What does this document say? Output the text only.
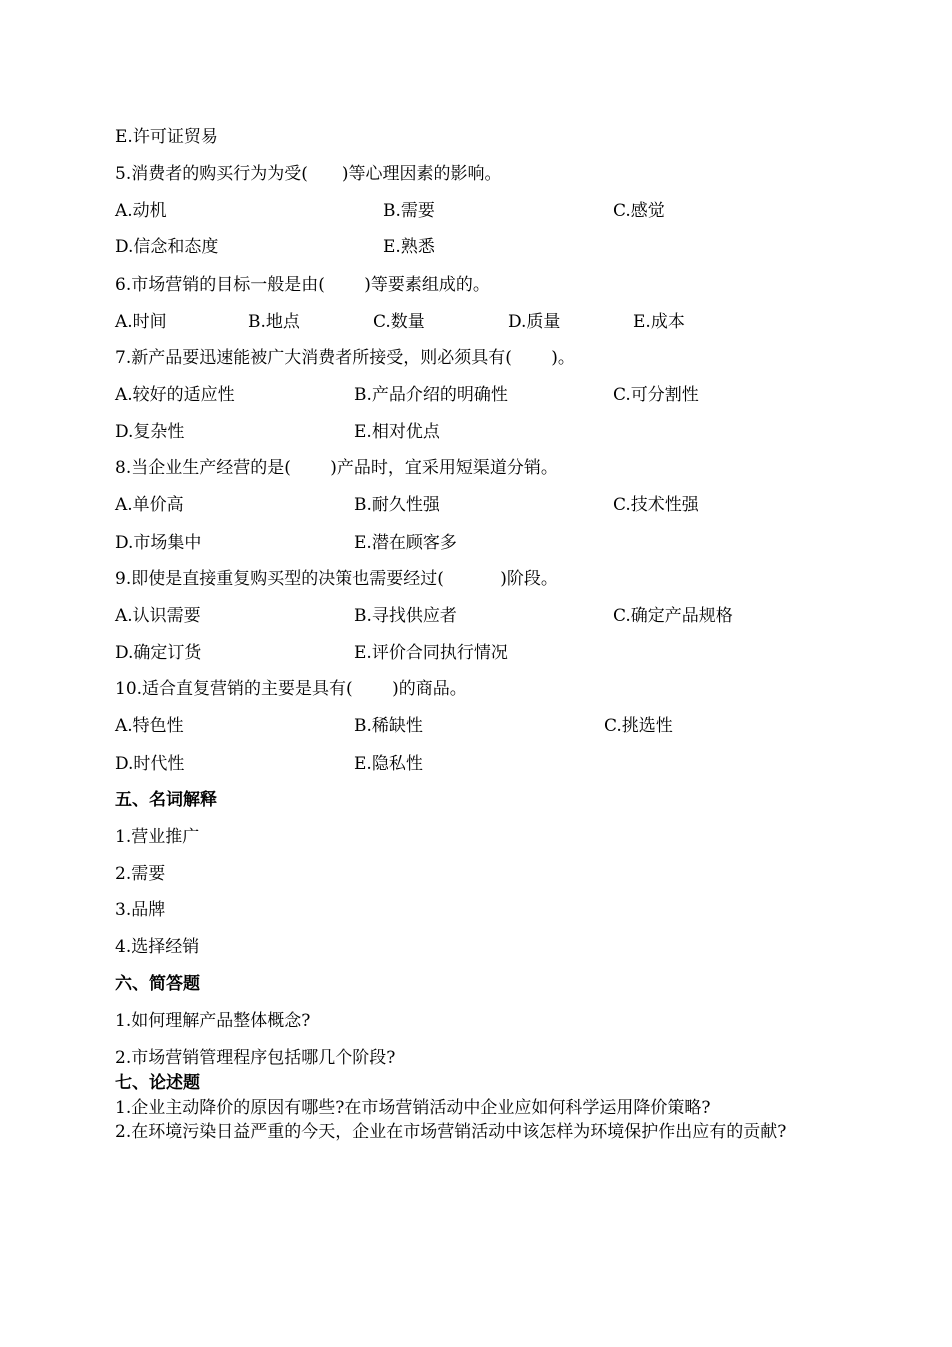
E.许可证贸易
5.消费者的购买行为为受(　　)等心理因素的影响。
A.动机	B.需要	C.感觉
D.信念和态度	E.熟悉
6.市场营销的目标一般是由(　　 )等要素组成的。
A.时间	B.地点	C.数量	D.质量	E.成本
7.新产品要迅速能被广大消费者所接受，则必须具有(　　 )。
A.较好的适应性	B.产品介绍的明确性	C.可分割性
D.复杂性	E.相对优点
8.当企业生产经营的是(　　 )产品时，宜采用短渠道分销。
A.单价高	B.耐久性强	C.技术性强
D.市场集中	E.潜在顾客多
9.即使是直接重复购买型的决策也需要经过(　　　 )阶段。
A.认识需要	B.寻找供应者	C.确定产品规格
D.确定订货	E.评价合同执行情况
10.适合直复营销的主要是具有(　　 )的商品。
A.特色性	B.稀缺性	C.挑选性
D.时代性	E.隐私性
五、名词解释
1.营业推广
2.需要
3.品牌
4.选择经销
六、简答题
1.如何理解产品整体概念?
2.市场营销管理程序包括哪几个阶段?
七、论述题
1.企业主动降价的原因有哪些?在市场营销活动中企业应如何科学运用降价策略?
2.在环境污染日益严重的今天，企业在市场营销活动中该怎样为环境保护作出应有的贡献?
